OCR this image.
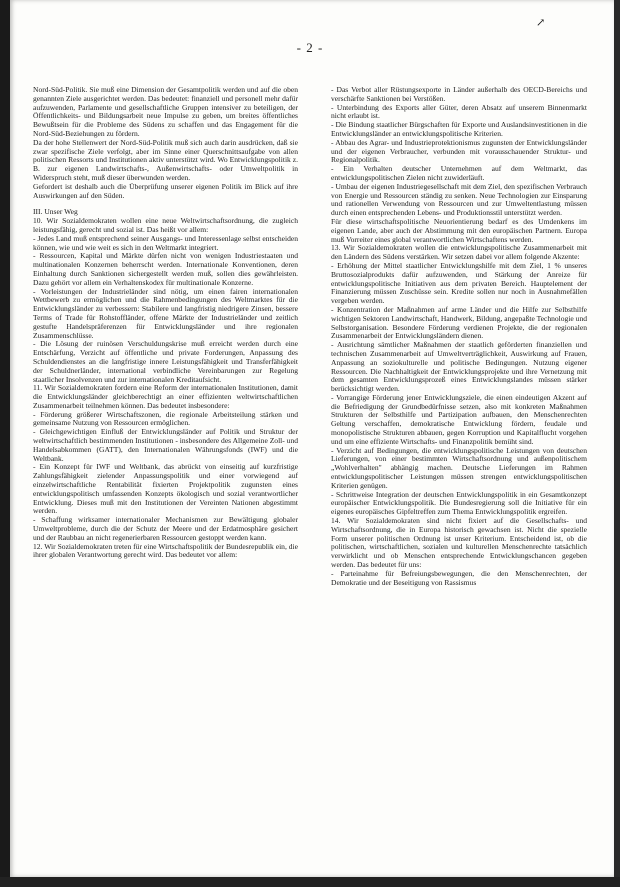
↗
- 2 -

Nord-Süd-Politik. Sie muß eine Dimension der Gesamtpolitik werden und auf die oben genannten Ziele ausgerichtet werden. Das bedeutet: finanziell und personell mehr dafür aufzuwenden, Parlamente und gesellschaftliche Gruppen intensiver zu beteiligen, der Öffentlichkeits- und Bildungsarbeit neue Impulse zu geben, um breites öffentliches Bewußtsein für die Probleme des Südens zu schaffen und das Engagement für die Nord-Süd-Beziehungen zu fördern.

Da der hohe Stellenwert der Nord-Süd-Politik muß sich auch darin ausdrücken, daß sie zwar spezifische Ziele verfolgt, aber im Sinne einer Querschnittsaufgabe von allen politischen Ressorts und Institutionen aktiv unterstützt wird. Wo Entwicklungspolitik z. B. zur eigenen Landwirtschafts-, Außenwirtschafts- oder Umweltpolitik in Widerspruch steht, muß dieser überwunden werden.

Gefordert ist deshalb auch die Überprüfung unserer eigenen Politik im Blick auf ihre Auswirkungen auf den Süden.

III. Unser Weg

10. Wir Sozialdemokraten wollen eine neue Weltwirtschaftsordnung, die zugleich leistungsfähig, gerecht und sozial ist. Das heißt vor allem:

- Jedes Land muß entsprechend seiner Ausgangs- und Interessenlage selbst entscheiden können, wie und wie weit es sich in den Weltmarkt integriert.

- Ressourcen, Kapital und Märkte dürfen nicht von wenigen Industriestaaten und multinationalen Konzernen beherrscht werden. Internationale Konventionen, deren Einhaltung durch Sanktionen sichergestellt werden muß, sollen dies gewährleisten. Dazu gehört vor allem ein Verhaltenskodex für multinationale Konzerne.

- Vorleistungen der Industrieländer sind nötig, um einen fairen internationalen Wettbewerb zu ermöglichen und die Rahmenbedingungen des Weltmarktes für die Entwicklungsländer zu verbessern: Stabilere und langfristig niedrigere Zinsen, bessere Terms of Trade für Rohstoffländer, offene Märkte der Industrieländer und zeitlich gestufte Handelspräferenzen für Entwicklungsländer und ihre regionalen Zusammenschlüsse.

- Die Lösung der ruinösen Verschuldungskrise muß erreicht werden durch eine Entschärfung, Verzicht auf öffentliche und private Forderungen, Anpassung des Schuldendienstes an die langfristige innere Leistungsfähigkeit und Transferfähigkeit der Schuldnerländer, international verbindliche Vereinbarungen zur Regelung staatlicher Insolvenzen und zur internationalen Kreditaufsicht.

11. Wir Sozialdemokraten fordern eine Reform der internationalen Institutionen, damit die Entwicklungsländer gleichberechtigt an einer effizienten weltwirtschaftlichen Zusammenarbeit teilnehmen können. Das bedeutet insbesondere:

- Förderung größerer Wirtschaftszonen, die regionale Arbeitsteilung stärken und gemeinsame Nutzung von Ressourcen ermöglichen.

- Gleichgewichtigen Einfluß der Entwicklungsländer auf Politik und Struktur der weltwirtschaftlich bestimmenden Institutionen - insbesondere des Allgemeine Zoll- und Handelsabkommen (GATT), den Internationalen Währungsfonds (IWF) und die Weltbank.

- Ein Konzept für IWF und Weltbank, das abrückt von einseitig auf kurzfristige Zahlungsfähigkeit zielender Anpassungspolitik und einer vorwiegend auf einzelwirtschaftliche Rentabilität fixierten Projektpolitik zugunsten eines entwicklungspolitisch umfassenden Konzepts ökologisch und sozial verantwortlicher Entwicklung. Dieses muß mit den Institutionen der Vereinten Nationen abgestimmt werden.

- Schaffung wirksamer internationaler Mechanismen zur Bewältigung globaler Umweltprobleme, durch die der Schutz der Meere und der Erdatmosphäre gesichert und der Raubbau an nicht regenerierbaren Ressourcen gestoppt werden kann.

12. Wir Sozialdemokraten treten für eine Wirtschaftspolitik der Bundesrepublik ein, die ihrer globalen Verantwortung gerecht wird. Das bedeutet vor allem:

- Das Verbot aller Rüstungsexporte in Länder außerhalb des OECD-Bereichs und verschärfte Sanktionen bei Verstößen.

- Unterbindung des Exports aller Güter, deren Absatz auf unserem Binnenmarkt nicht erlaubt ist.

- Die Bindung staatlicher Bürgschaften für Exporte und Auslandsinvestitionen in die Entwicklungsländer an entwicklungspolitische Kriterien.

- Abbau des Agrar- und Industrieprotektionismus zugunsten der Entwicklungsländer und der eigenen Verbraucher, verbunden mit vorausschauender Struktur- und Regionalpolitik.

- Ein Verhalten deutscher Unternehmen auf dem Weltmarkt, das entwicklungspolitischen Zielen nicht zuwiderläuft.

- Umbau der eigenen Industriegesellschaft mit dem Ziel, den spezifischen Verbrauch von Energie und Ressourcen ständig zu senken. Neue Technologien zur Einsparung und rationellen Verwendung von Ressourcen und zur Umweltentlastung müssen durch einen entsprechenden Lebens- und Produktionsstil unterstützt werden.

Für diese wirtschaftspolitische Neuorientierung bedarf es des Umdenkens im eigenen Lande, aber auch der Abstimmung mit den europäischen Partnern. Europa muß Vorreiter eines global verantwortlichen Wirtschaftens werden.

13. Wir Sozialdemokraten wollen die entwicklungspolitische Zusammenarbeit mit den Ländern des Südens verstärken. Wir setzen dabei vor allem folgende Akzente:

- Erhöhung der Mittel staatlicher Entwicklungshilfe mit dem Ziel, 1 % unseres Bruttosozialprodukts dafür aufzuwenden, und Stärkung der Anreize für entwicklungspolitische Initiativen aus dem privaten Bereich. Hauptelement der Finanzierung müssen Zuschüsse sein. Kredite sollen nur noch in Ausnahmefällen vergeben werden.

- Konzentration der Maßnahmen auf arme Länder und die Hilfe zur Selbsthilfe wichtigen Sektoren Landwirtschaft, Handwerk, Bildung, angepaßte Technologie und Selbstorganisation. Besondere Förderung verdienen Projekte, die der regionalen Zusammenarbeit der Entwicklungsländern dienen.

- Ausrichtung sämtlicher Maßnahmen der staatlich geförderten finanziellen und technischen Zusammenarbeit auf Umweltverträglichkeit, Auswirkung auf Frauen, Anpassung an soziokulturelle und politische Bedingungen. Nutzung eigener Ressourcen. Die Nachhaltigkeit der Entwicklungsprojekte und ihre Vernetzung mit dem gesamten Entwicklungsprozeß eines Entwicklungslandes müssen stärker berücksichtigt werden.

- Vorrangige Förderung jener Entwicklungsziele, die einen eindeutigen Akzent auf die Befriedigung der Grundbedürfnisse setzen, also mit konkreten Maßnahmen Strukturen der Selbsthilfe und Partizipation aufbauen, den Menschenrechten Geltung verschaffen, demokratische Entwicklung fördern, feudale und monopolistische Strukturen abbauen, gegen Korruption und Kapitalflucht vorgehen und um eine effiziente Wirtschafts- und Finanzpolitik bemüht sind.

- Verzicht auf Bedingungen, die entwicklungspolitische Leistungen von deutschen Lieferungen, von einer bestimmten Wirtschaftsordnung und außenpolitischem „Wohlverhalten" abhängig machen. Deutsche Lieferungen im Rahmen entwicklungspolitischer Leistungen müssen strengen entwicklungspolitischen Kriterien genügen.

- Schrittweise Integration der deutschen Entwicklungspolitik in ein Gesamtkonzept europäischer Entwicklungspolitik. Die Bundesregierung soll die Initiative für ein eigenes europäisches Gipfeltreffen zum Thema Entwicklungspolitik ergreifen.

14. Wir Sozialdemokraten sind nicht fixiert auf die Gesellschafts- und Wirtschaftsordnung, die in Europa historisch gewachsen ist. Nicht die spezielle Form unserer politischen Ordnung ist unser Kriterium. Entscheidend ist, ob die politischen, wirtschaftlichen, sozialen und kulturellen Menschenrechte tatsächlich verwirklicht und ob Menschen entsprechende Entwicklungschancen gegeben werden. Das bedeutet für uns:

- Parteinahme für Befreiungsbewegungen, die den Menschenrechten, der Demokratie und der Beseitigung von Rassismus
